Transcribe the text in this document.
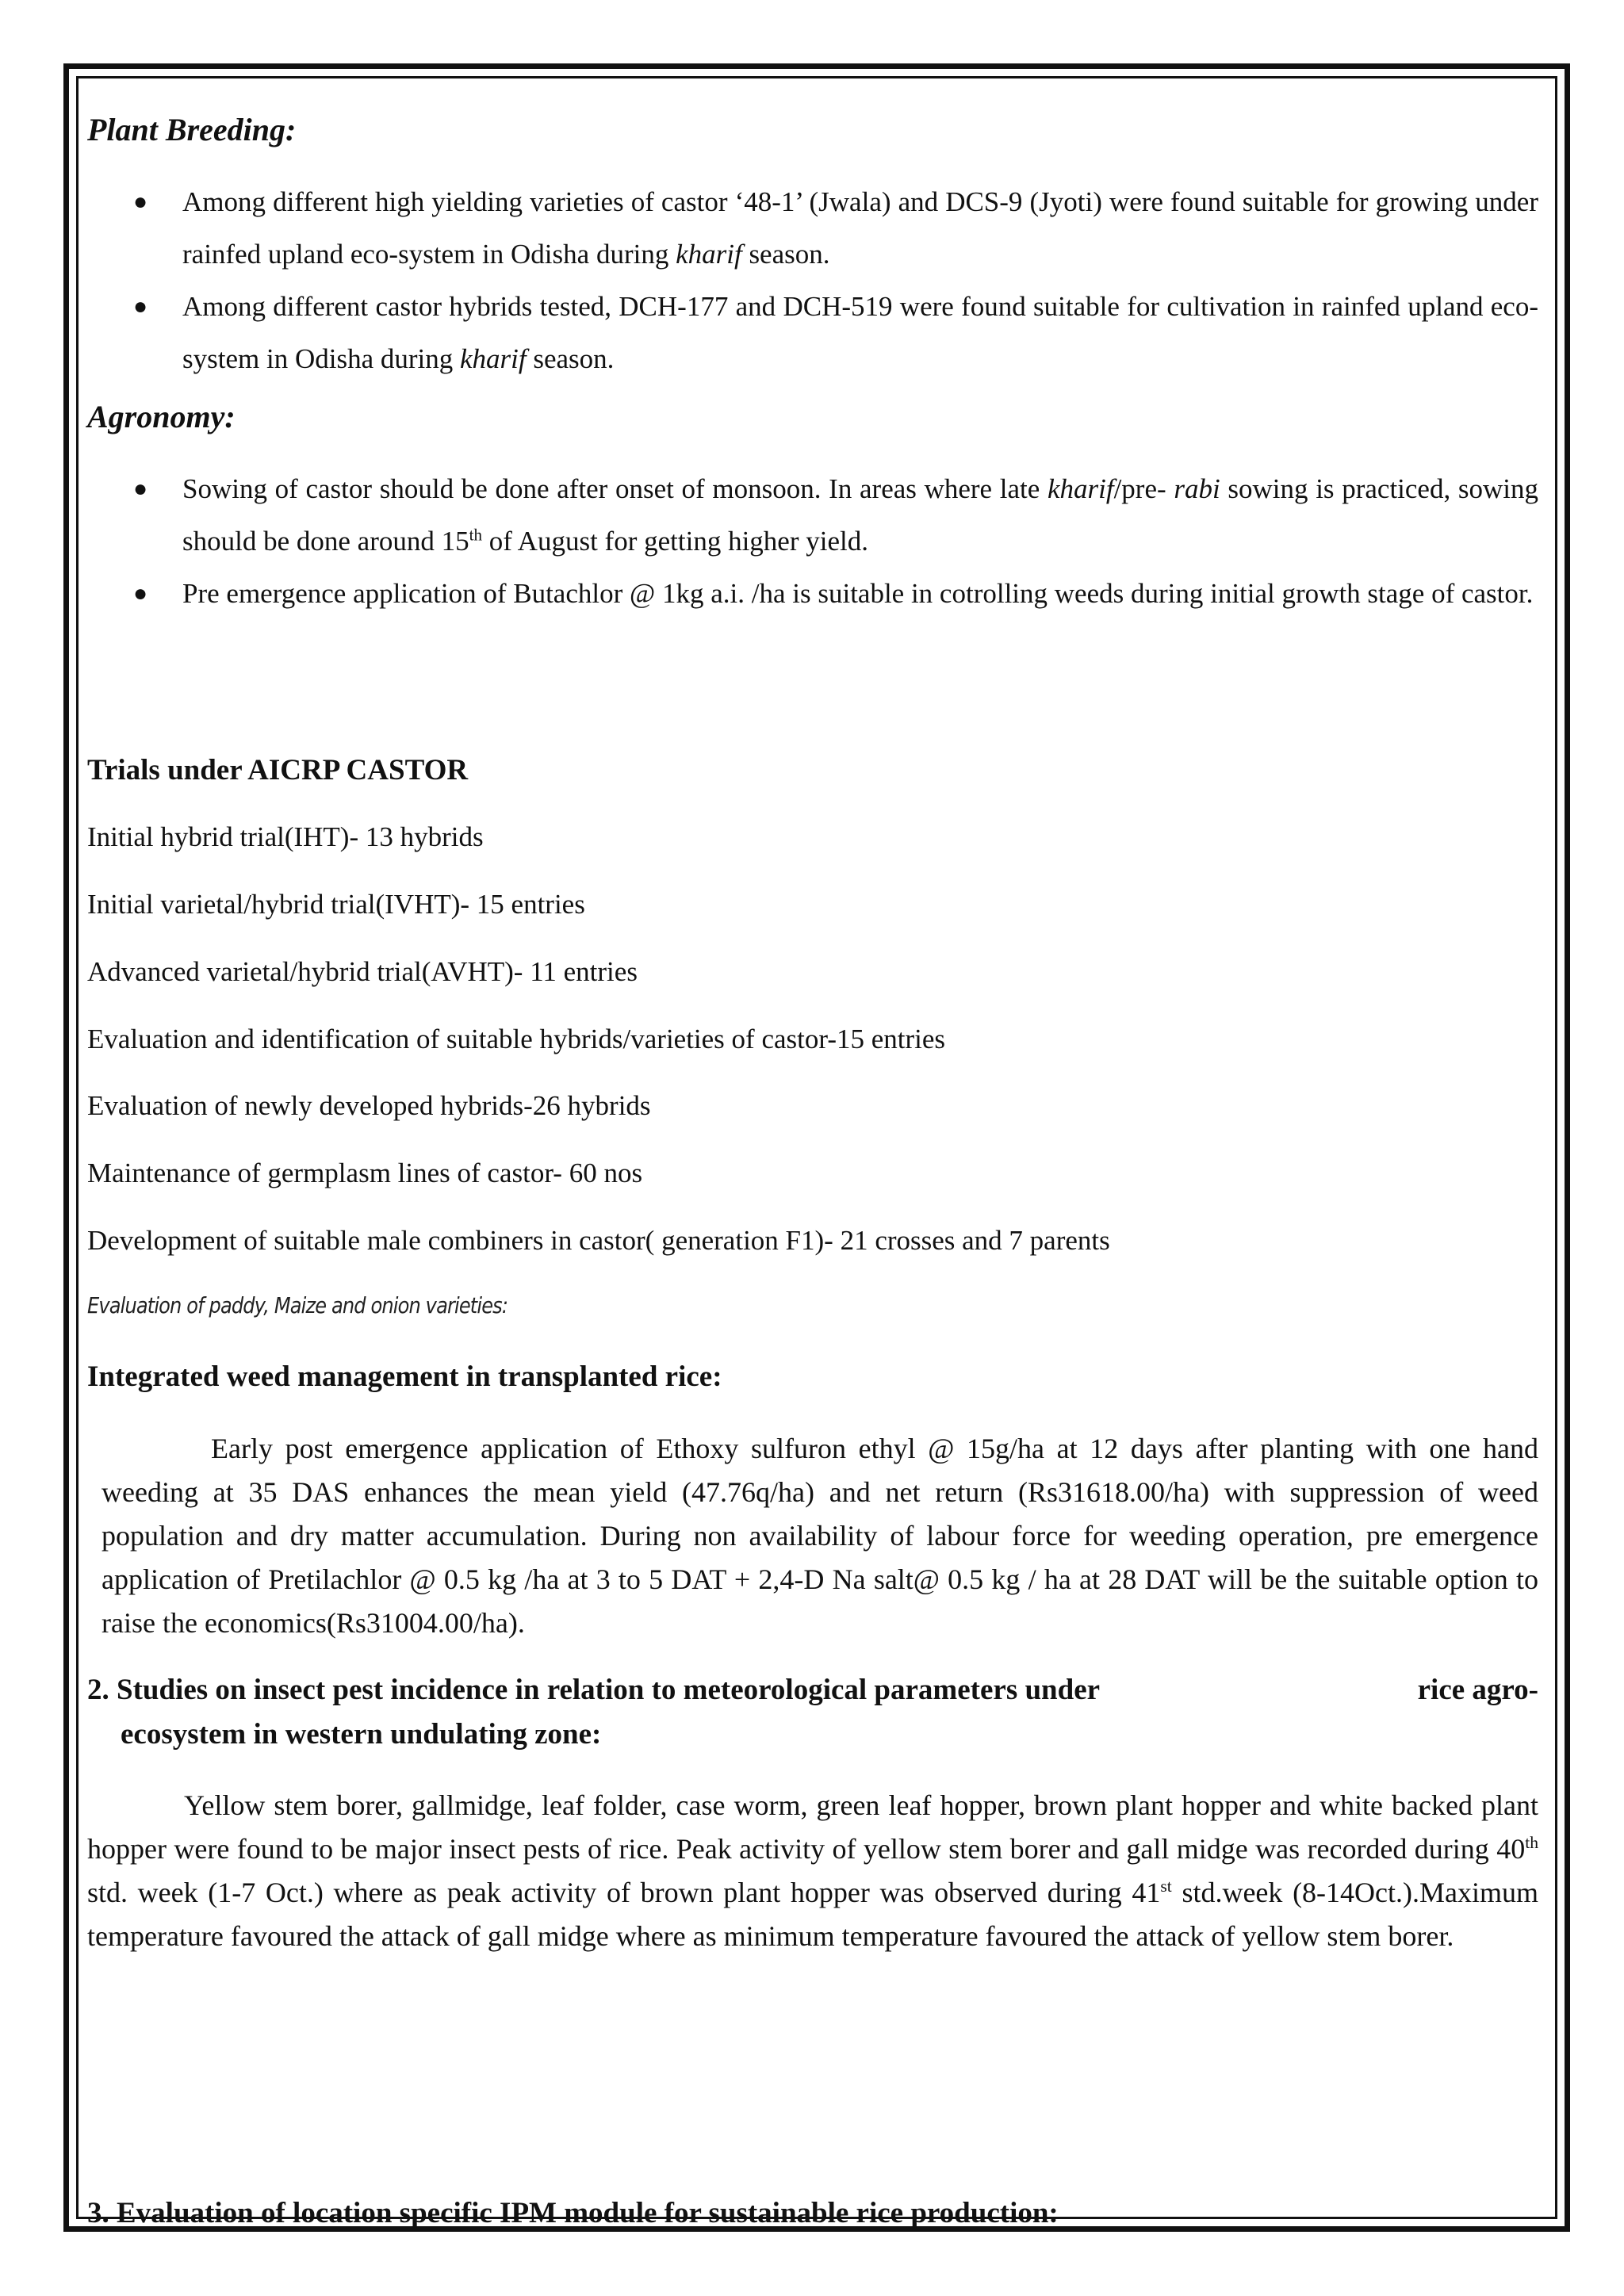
Plant Breeding:
● Among different high yielding varieties of castor ‘48-1’ (Jwala) and DCS-9 (Jyoti) were found suitable for growing under rainfed upland eco-system in Odisha during kharif season.
● Among different castor hybrids tested, DCH-177 and DCH-519 were found suitable for cultivation in rainfed upland eco-system in Odisha during kharif season.
Agronomy:
● Sowing of castor should be done after onset of monsoon. In areas where late kharif/pre- rabi sowing is practiced, sowing should be done around 15th of August for getting higher yield.
● Pre emergence application of Butachlor @ 1kg a.i. /ha is suitable in cotrolling weeds during initial growth stage of castor.
Trials under AICRP CASTOR
Initial hybrid trial(IHT)- 13 hybrids
Initial varietal/hybrid trial(IVHT)- 15 entries
Advanced varietal/hybrid trial(AVHT)- 11 entries
Evaluation and identification of suitable hybrids/varieties of castor-15 entries
Evaluation of newly developed hybrids-26 hybrids
Maintenance of germplasm lines of castor- 60 nos
Development of suitable male combiners in castor( generation F1)- 21 crosses and 7 parents
Evaluation of paddy, Maize and onion varieties:
Integrated weed management in transplanted rice:
Early post emergence application of Ethoxy sulfuron ethyl @ 15g/ha at 12 days after planting with one hand weeding at 35 DAS enhances the mean yield (47.76q/ha) and net return (Rs31618.00/ha) with suppression of weed population and dry matter accumulation. During non availability of labour force for weeding operation, pre emergence application of Pretilachlor @ 0.5 kg /ha at 3 to 5 DAT + 2,4-D Na salt@ 0.5 kg / ha at 28 DAT will be the suitable option to raise the economics(Rs31004.00/ha).
2. Studies on insect pest incidence in relation to meteorological parameters under	rice agro-
ecosystem in western undulating zone:
Yellow stem borer, gallmidge, leaf folder, case worm, green leaf hopper, brown plant hopper and white backed plant hopper were found to be major insect pests of rice. Peak activity of yellow stem borer and gall midge was recorded during 40th std. week (1-7 Oct.) where as peak activity of brown plant hopper was observed during 41st std.week (8-14Oct.).Maximum temperature favoured the attack of gall midge where as minimum temperature favoured the attack of yellow stem borer.
3. Evaluation of location specific IPM module for sustainable rice production:
